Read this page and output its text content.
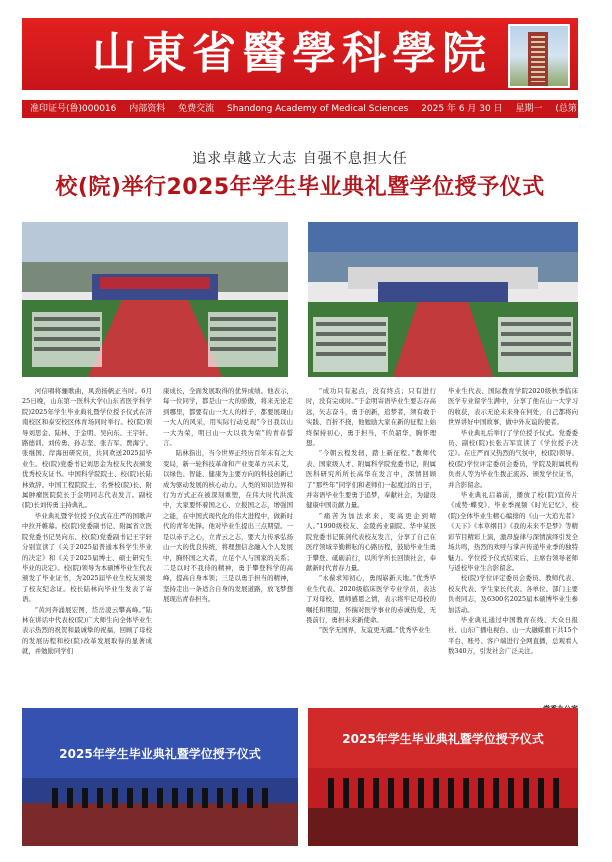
山東省醫學科學院
准印证号(鲁)000016 内部资料 免费交流 Shandong Academy of Medical Sciences 2025 年 6 月 30 日 星期一 (总第 135 期)
追求卓越立大志 自强不息担大任
校(院)举行2025年学生毕业典礼暨学位授予仪式

河信唱将骊歌曲，风劲扬帆正当时。6月25日晚，山东第一医科大学(山东省医学科学院)2025年学生毕业典礼暨学位授予仪式在济南校区和泰安校区体育场同时举行。校(院)领导刘思金、陆林、于金明、吴向东、王宇轩、路德训、刘传勇、孙志坚、张吉军、贾海宁、张继国、岸海田研究员，共同欢送2025届毕业生。校(院)党委书记刘思金为校友代表颁发优秀校友证书。中国科学院院士、校(院)长陆林致辞。中国工程院院士、名誉校(院)长、附属肿瘤医院院长于金明同志代表发言。副校(院)长刘传勇主持典礼。

毕业典礼暨学位授予仪式在庄严的国歌声中拉开帷幕。校(院)党委副书记、附属省立医院党委书记吴向东、校(院)党委副书记王宇轩分别宣读了《关于2025届普通本科学生毕业的决定》和《关于2025届博士、硕士研究生毕业的决定》。校(院)领导为本硕博毕业生代表颁发了毕业证书，为2025届毕业生校友颁发了校友纪念证。校长陆林向毕业生发表了寄语。

“黄河奔涌展宏图，岱岳凌云攀高峰。”陆林在讲话中代表校(院)广大师生向全体毕业生表示热烈的祝贺和最诚挚的祝福，回顾了母校的发展历程和校(院)改革发展取得的显著成就，并勉励同学们

康成长，全面发展取得的优异成绩。他表示，每一位同学，都是山一大的骄傲，将来无论走到哪里，都要有山一大人的样子，都要展现山一大人的风采，用实际行动兑现“今日我以山一大为荣，明日山一大以我为荣”的青春誓言。

陆林指出，当今世界正经历百年未有之大变局，新一轮科技革命和产业变革方兴未艾，以绿色、智能、健康为主要方向的科技创新已成为驱动发展的核心动力。人类的知识边界和行为方式正在被深刻重塑，在伟大时代洪流中，大家要怀着国之心、立报国之志，增强国之能，在中国式现代化的伟大进程中，做新时代的青年先锋。他对毕业生提出三点期望。一是以赤子之心，立青云之志，要大力传承弘扬山一大的优良传统，将理想信念融入个人发展中，胸怀国之大者，立足个人与国家的关系；二是以时不我待的精神，勇于攀登科学的高峰，提高自身本领；三是以勇于担当的精神，坚持走出一条适合自身的发展道路，放飞梦想展现出青春担当。

“成功只有起点，没有终点；只有进行时，没有完成时。”于金明寄语毕业生要志存高远，矢志奋斗，勇于创新，追梦者，须有敢于实践、百折不挠，他勉励大家在新的征程上始终保持初心，勇于担当，不负韶华，胸怀理想。

“今朝云程发轫，踏上新征程。”教师代表、国家级人才、附属科学院党委书记，附属医科研究所所长高华在发言中，深情回顾了“那些年”同学们和老师们一起度过的日子，并寄语毕业生要勇于追梦，奉献社会，为建设健康中国贡献力量。

“痛苦为加法求来，变高更企到晴人。”1990级校友、金陵药业副院、华中某医院党委书记陈剑代表校友发言，分享了自己在医疗领域辛勤耕耘的心路历程，鼓励毕业生勇于攀登、砥砺前行，以所学所长回馈社会，奉献新时代青春力量。

“永葆求知初心，勇闯崭新天地。”优秀毕业生代表、2020级临床医学专业学员，表达了对母校、恩师感恩之情，表示将牢记母校的嘱托和期望，怀揣对医学事业的赤诚热爱，无畏前行，勇担未来新使命。

“医学无国界，友谊更无疆。”优秀毕业生

毕业生代表、国际教育学院2020级秋季临床医学专业留学生满中，分享了他在山一大学习的收获，表示无论未来身在何处，自己都将向世界讲好中国故事，做中外友谊的使者。

毕业典礼后举行了学位授予仪式。党委委员、副校(院)长张吉军宣读了《学位授予决定》。在庄严而又热烈的气氛中，校(院)领导、校(院)学位评定委员会委员，学院及附属机构负责人等为毕业生拨正流苏、颁发学位证书，并合影留念。

毕业典礼启幕前，播放了校(院)宣传片《成势·蝶变》、毕业季视频《时光记忆》、校(院)全体毕业生精心编排的《山一大追光者》《天下》《本草纲目》《我的未来不是梦》等精彩节目精彩上演，激昂旋律与深情演绎引发全场共鸣，热烈的欢呼与掌声传递毕业季的独特魅力。学位授予仪式结束后，主席台领导老师与返校毕业生合影留念。

校(院)学位评定委员会委员、教师代表、校友代表、学生家长代表、各单位、部门主要负责同志，及6300名2025届本硕博毕业生参加活动。

毕业典礼通过中国教育在线、大众日报社、山东广播电视台、山一大融媒旗下共15个平台、账号、客户端进行全网直播，总观看人数340万，引发社会广泛关注。

2025年学生毕业典礼暨学位授予仪式
2025年学生毕业典礼暨学位授予仪式
